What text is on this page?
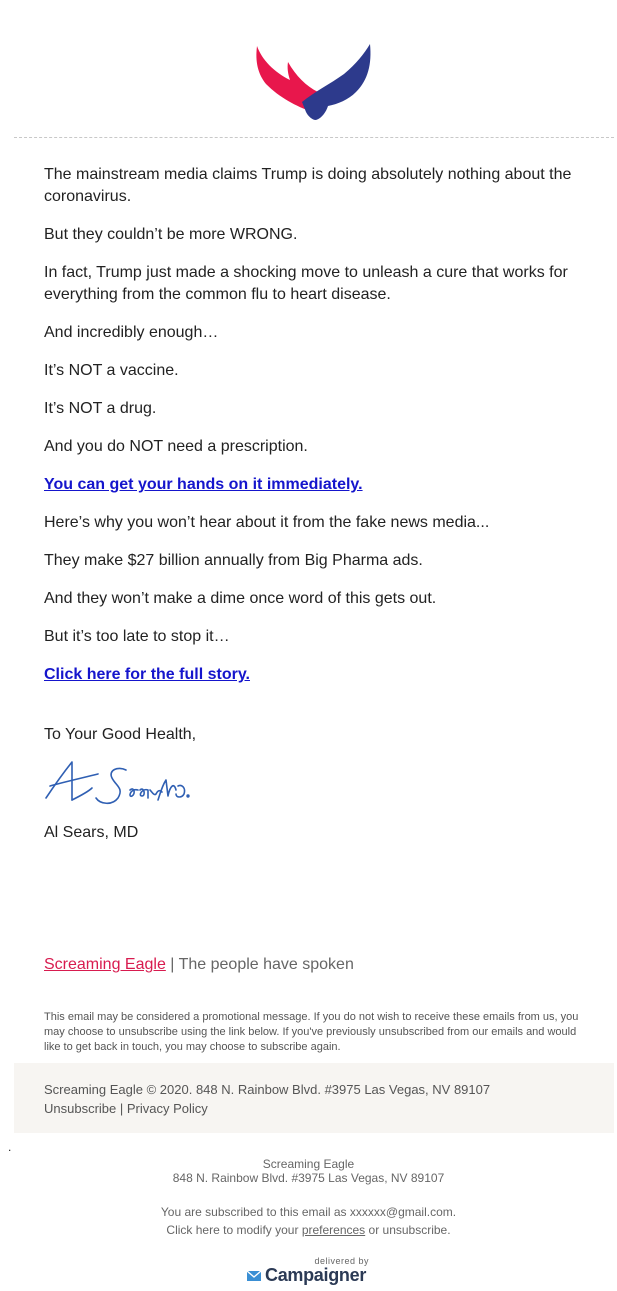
The mainstream media claims Trump is doing absolutely nothing about the coronavirus.

But they couldn’t be more WRONG.

In fact, Trump just made a shocking move to unleash a cure that works for everything from the common flu to heart disease.

And incredibly enough…

It’s NOT a vaccine.

It’s NOT a drug.

And you do NOT need a prescription.

You can get your hands on it immediately.

Here’s why you won’t hear about it from the fake news media...

They make $27 billion annually from Big Pharma ads.

And they won’t make a dime once word of this gets out.

But it’s too late to stop it…

Click here for the full story.

To Your Good Health,

Al Sears, MD

Screaming Eagle | The people have spoken

This email may be considered a promotional message. If you do not wish to receive these emails from us, you may choose to unsubscribe using the link below. If you've previously unsubscribed from our emails and would like to get back in touch, you may choose to subscribe again.

Screaming Eagle © 2020. 848 N. Rainbow Blvd. #3975 Las Vegas, NV 89107
Unsubscribe | Privacy Policy
.
Screaming Eagle
848 N. Rainbow Blvd. #3975 Las Vegas, NV 89107
You are subscribed to this email as xxxxxx@gmail.com.
Click here to modify your preferences or unsubscribe.
delivered by
Campaigner
